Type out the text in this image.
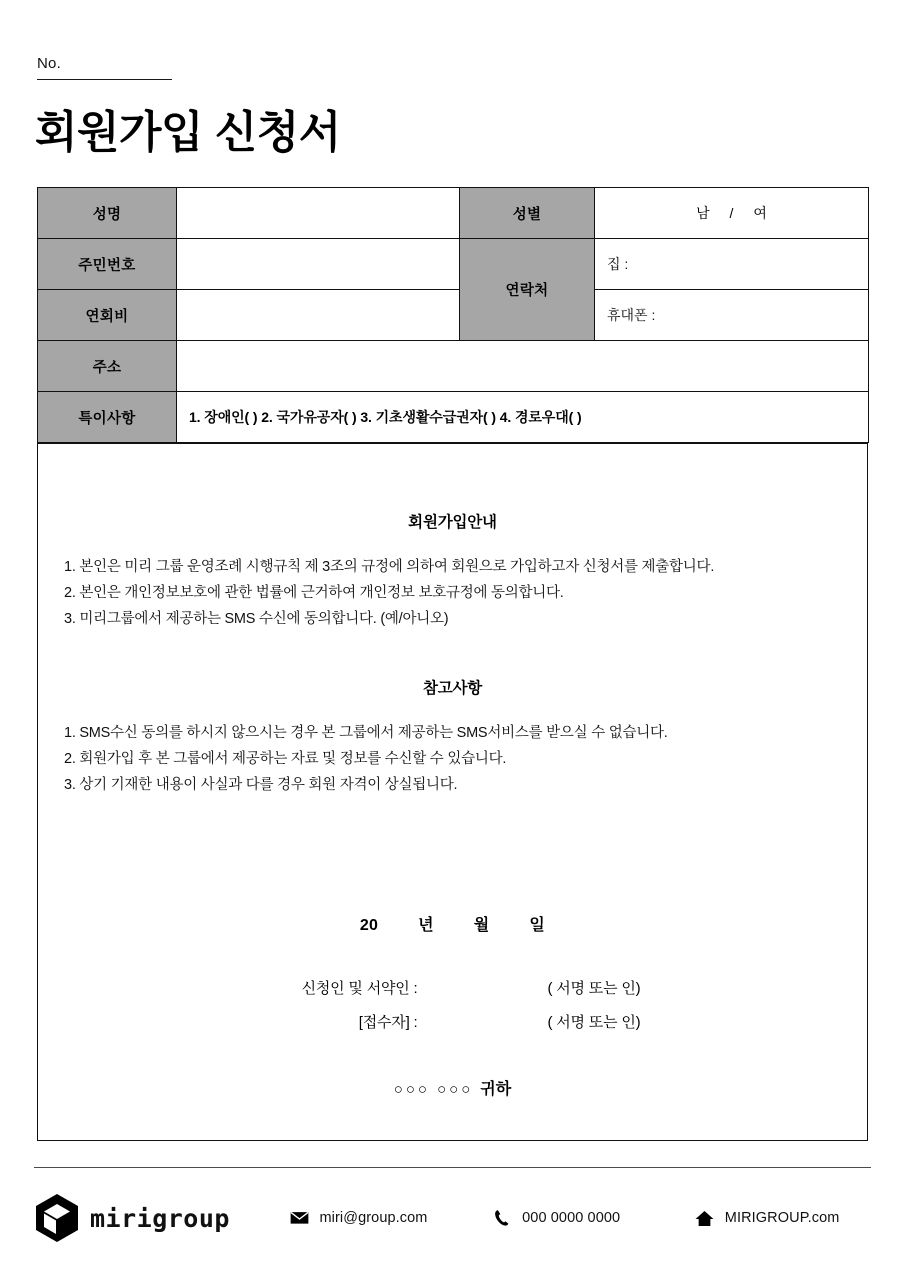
No.
회원가입 신청서
성명		성별	남 / 여
주민번호		연락처	집 :
연회비			휴대폰 :
주소			
특이사항	1. 장애인( ) 2. 국가유공자( ) 3. 기초생활수급권자( ) 4. 경로우대( )		
회원가입안내
1. 본인은 미리 그룹 운영조례 시행규칙 제 3조의 규정에 의하여 회원으로 가입하고자 신청서를 제출합니다.
2. 본인은 개인정보보호에 관한 법률에 근거하여 개인정보 보호규정에 동의합니다.
3. 미리그룹에서 제공하는 SMS 수신에 동의합니다. (예/아니오)
참고사항
1. SMS수신 동의를 하시지 않으시는 경우 본 그룹에서 제공하는 SMS서비스를 받으실 수 없습니다.
2. 회원가입 후 본 그룹에서 제공하는 자료 및 정보를 수신할 수 있습니다.
3. 상기 기재한 내용이 사실과 다를 경우 회원 자격이 상실됩니다.
20	년	월	일
신청인 및 서약인 :	( 서명 또는 인)
[접수자] :	( 서명 또는 인)
○○○ ○○○ 귀하
mirigroup	miri@group.com	000 0000 0000	MIRIGROUP.com
